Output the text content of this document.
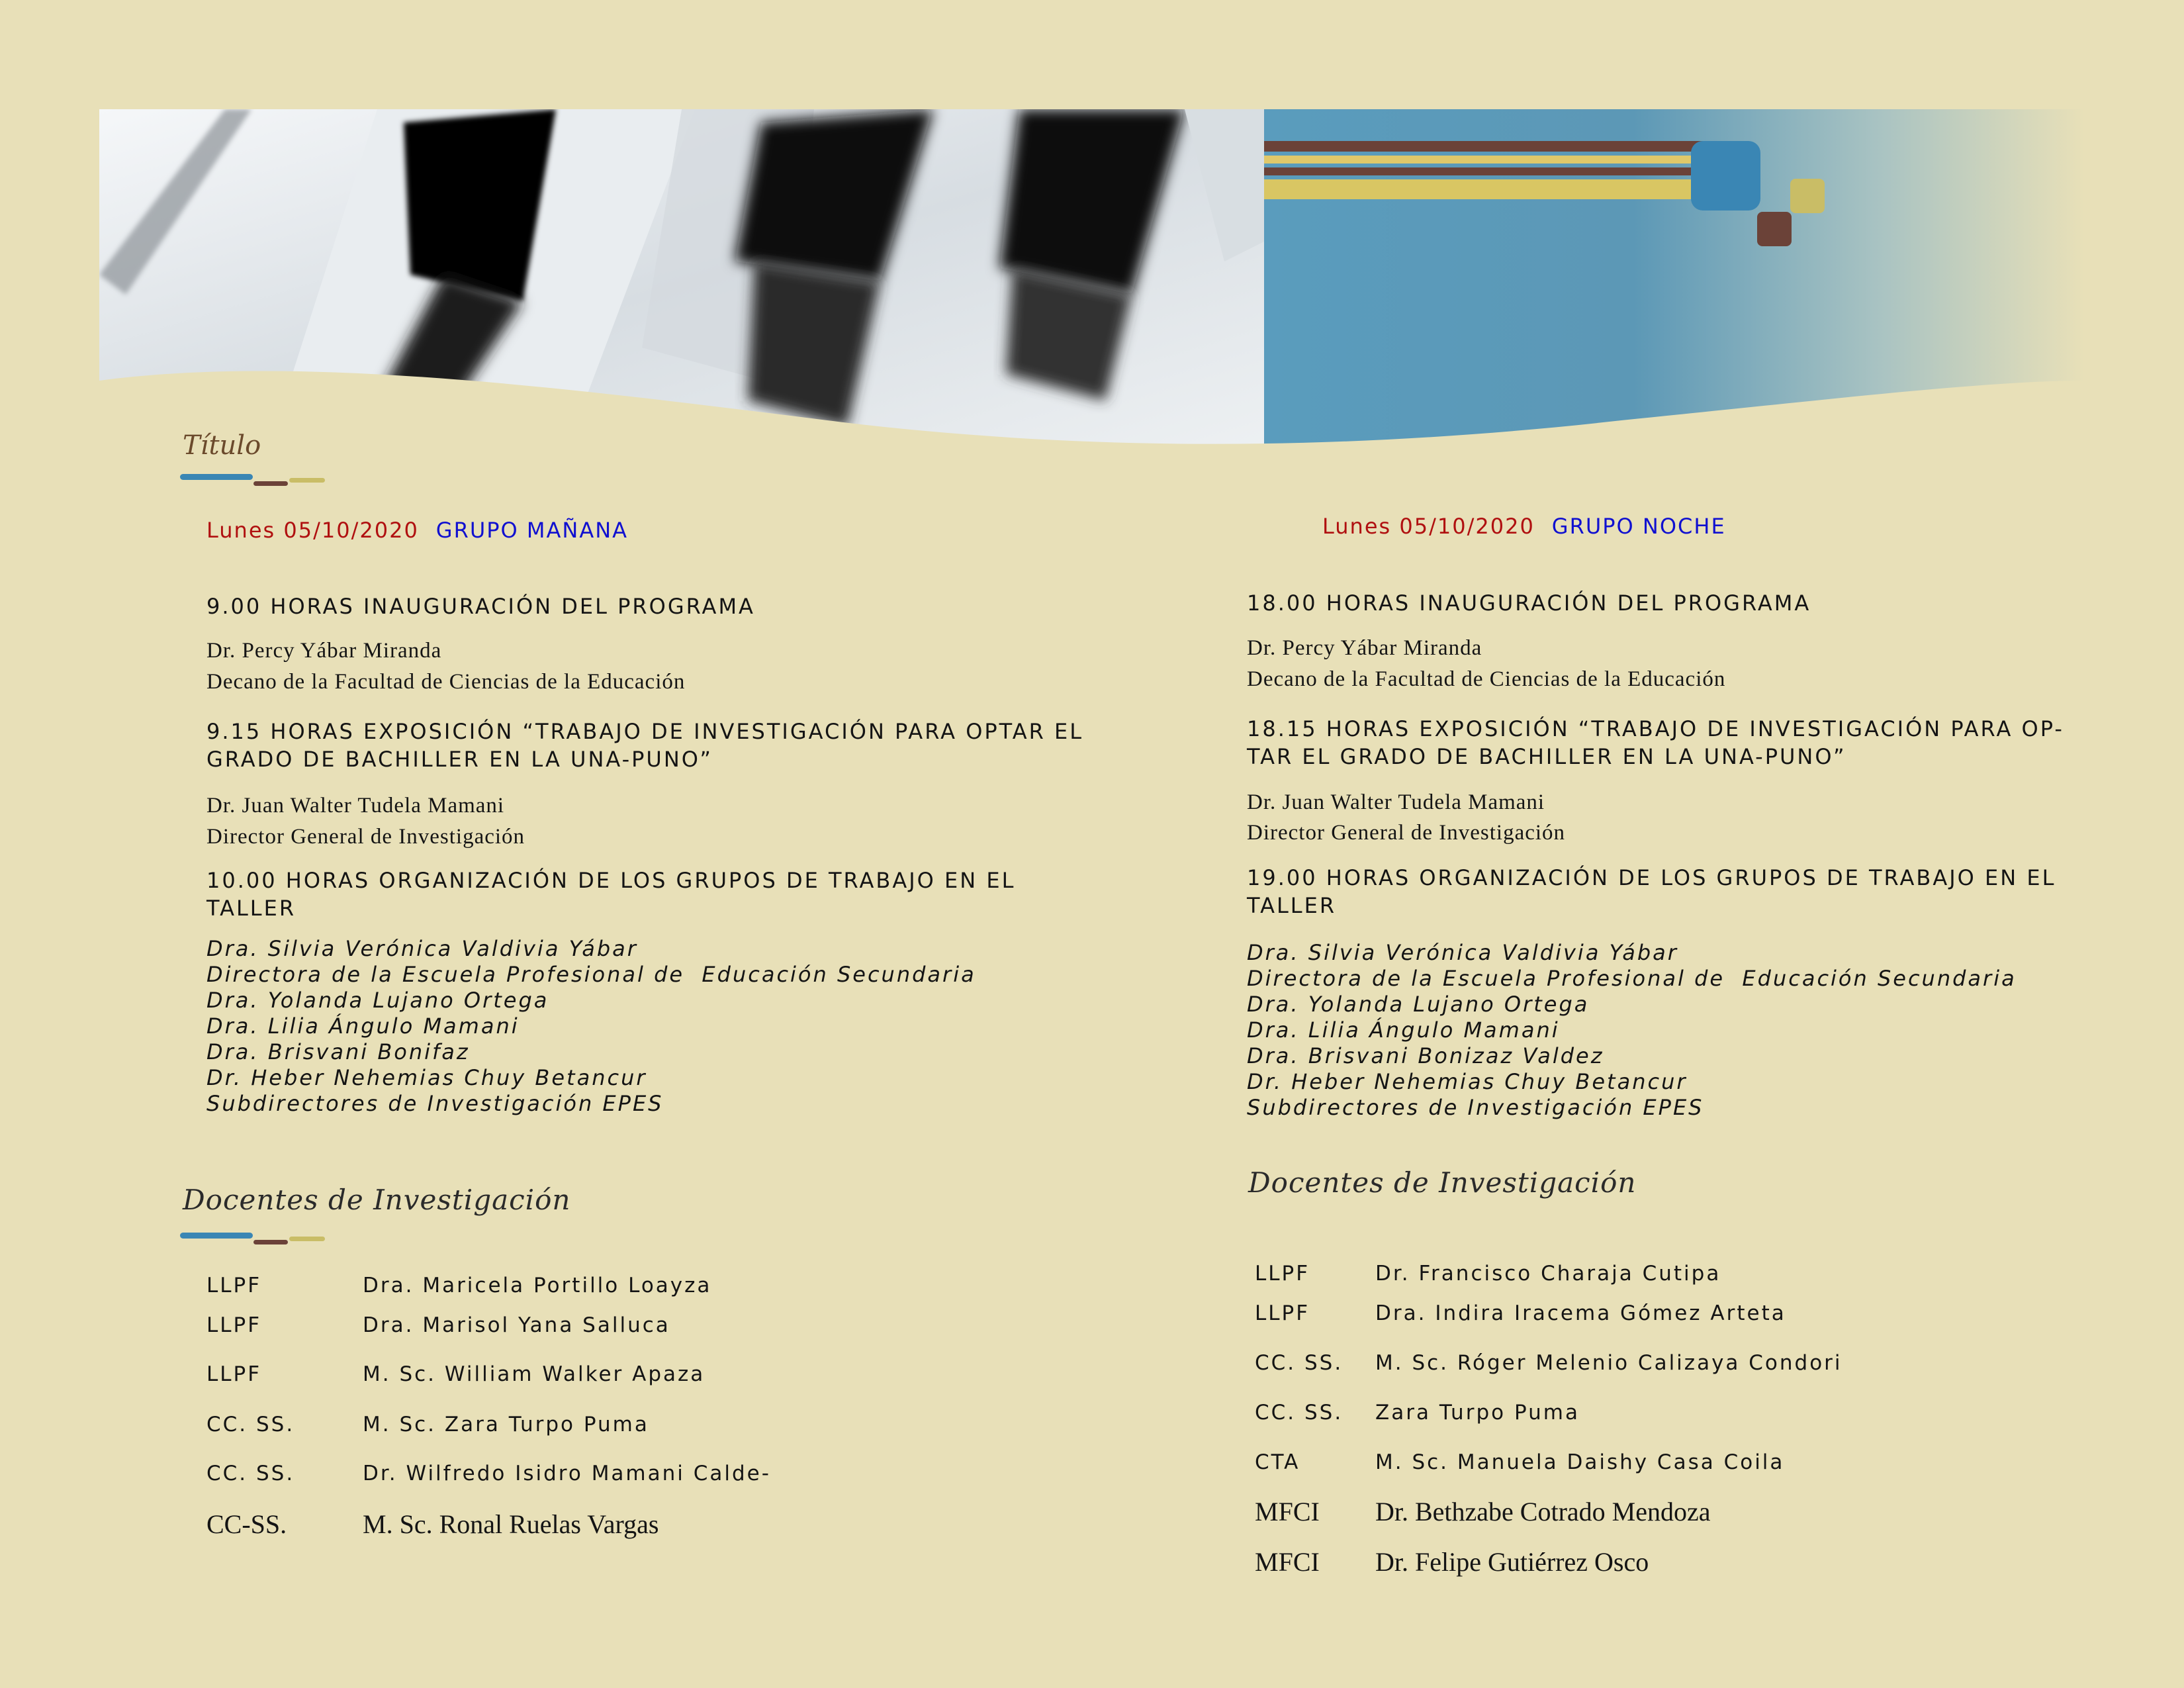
Título
Lunes 05/10/2020 GRUPO MAÑANA
9.00 HORAS INAUGURACIÓN DEL PROGRAMA
Dr. Percy Yábar Miranda
Decano de la Facultad de Ciencias de la Educación
9.15 HORAS EXPOSICIÓN “TRABAJO DE INVESTIGACIÓN PARA OPTAR EL GRADO DE BACHILLER EN LA UNA-PUNO”
Dr. Juan Walter Tudela Mamani
Director General de Investigación
10.00 HORAS ORGANIZACIÓN DE LOS GRUPOS DE TRABAJO EN EL TALLER
Dra. Silvia Verónica Valdivia Yábar
Directora de la Escuela Profesional de  Educación Secundaria
Dra. Yolanda Lujano Ortega
Dra. Lilia Ángulo Mamani
Dra. Brisvani Bonifaz
Dr. Heber Nehemias Chuy Betancur
Subdirectores de Investigación EPES
Docentes de Investigación
LLPF	Dra. Maricela Portillo Loayza
LLPF	Dra. Marisol Yana Salluca
LLPF	M. Sc. William Walker Apaza
CC. SS.	M. Sc. Zara Turpo Puma
CC. SS.	Dr. Wilfredo Isidro Mamani Calde-
CC-SS.	M. Sc. Ronal Ruelas Vargas
Lunes 05/10/2020 GRUPO NOCHE
18.00 HORAS INAUGURACIÓN DEL PROGRAMA
Dr. Percy Yábar Miranda
Decano de la Facultad de Ciencias de la Educación
18.15 HORAS EXPOSICIÓN “TRABAJO DE INVESTIGACIÓN PARA OP-TAR EL GRADO DE BACHILLER EN LA UNA-PUNO”
Dr. Juan Walter Tudela Mamani
Director General de Investigación
19.00 HORAS ORGANIZACIÓN DE LOS GRUPOS DE TRABAJO EN EL TALLER
Dra. Silvia Verónica Valdivia Yábar
Directora de la Escuela Profesional de  Educación Secundaria
Dra. Yolanda Lujano Ortega
Dra. Lilia Ángulo Mamani
Dra. Brisvani Bonizaz Valdez
Dr. Heber Nehemias Chuy Betancur
Subdirectores de Investigación EPES
Docentes de Investigación
LLPF	Dr. Francisco Charaja Cutipa
LLPF	Dra. Indira Iracema Gómez Arteta
CC. SS. M. Sc. Róger Melenio Calizaya Condori
CC. SS. Zara Turpo Puma
CTA	M. Sc. Manuela Daishy Casa Coila
MFCI Dr. Bethzabe Cotrado Mendoza
MFCI Dr. Felipe Gutiérrez Osco
